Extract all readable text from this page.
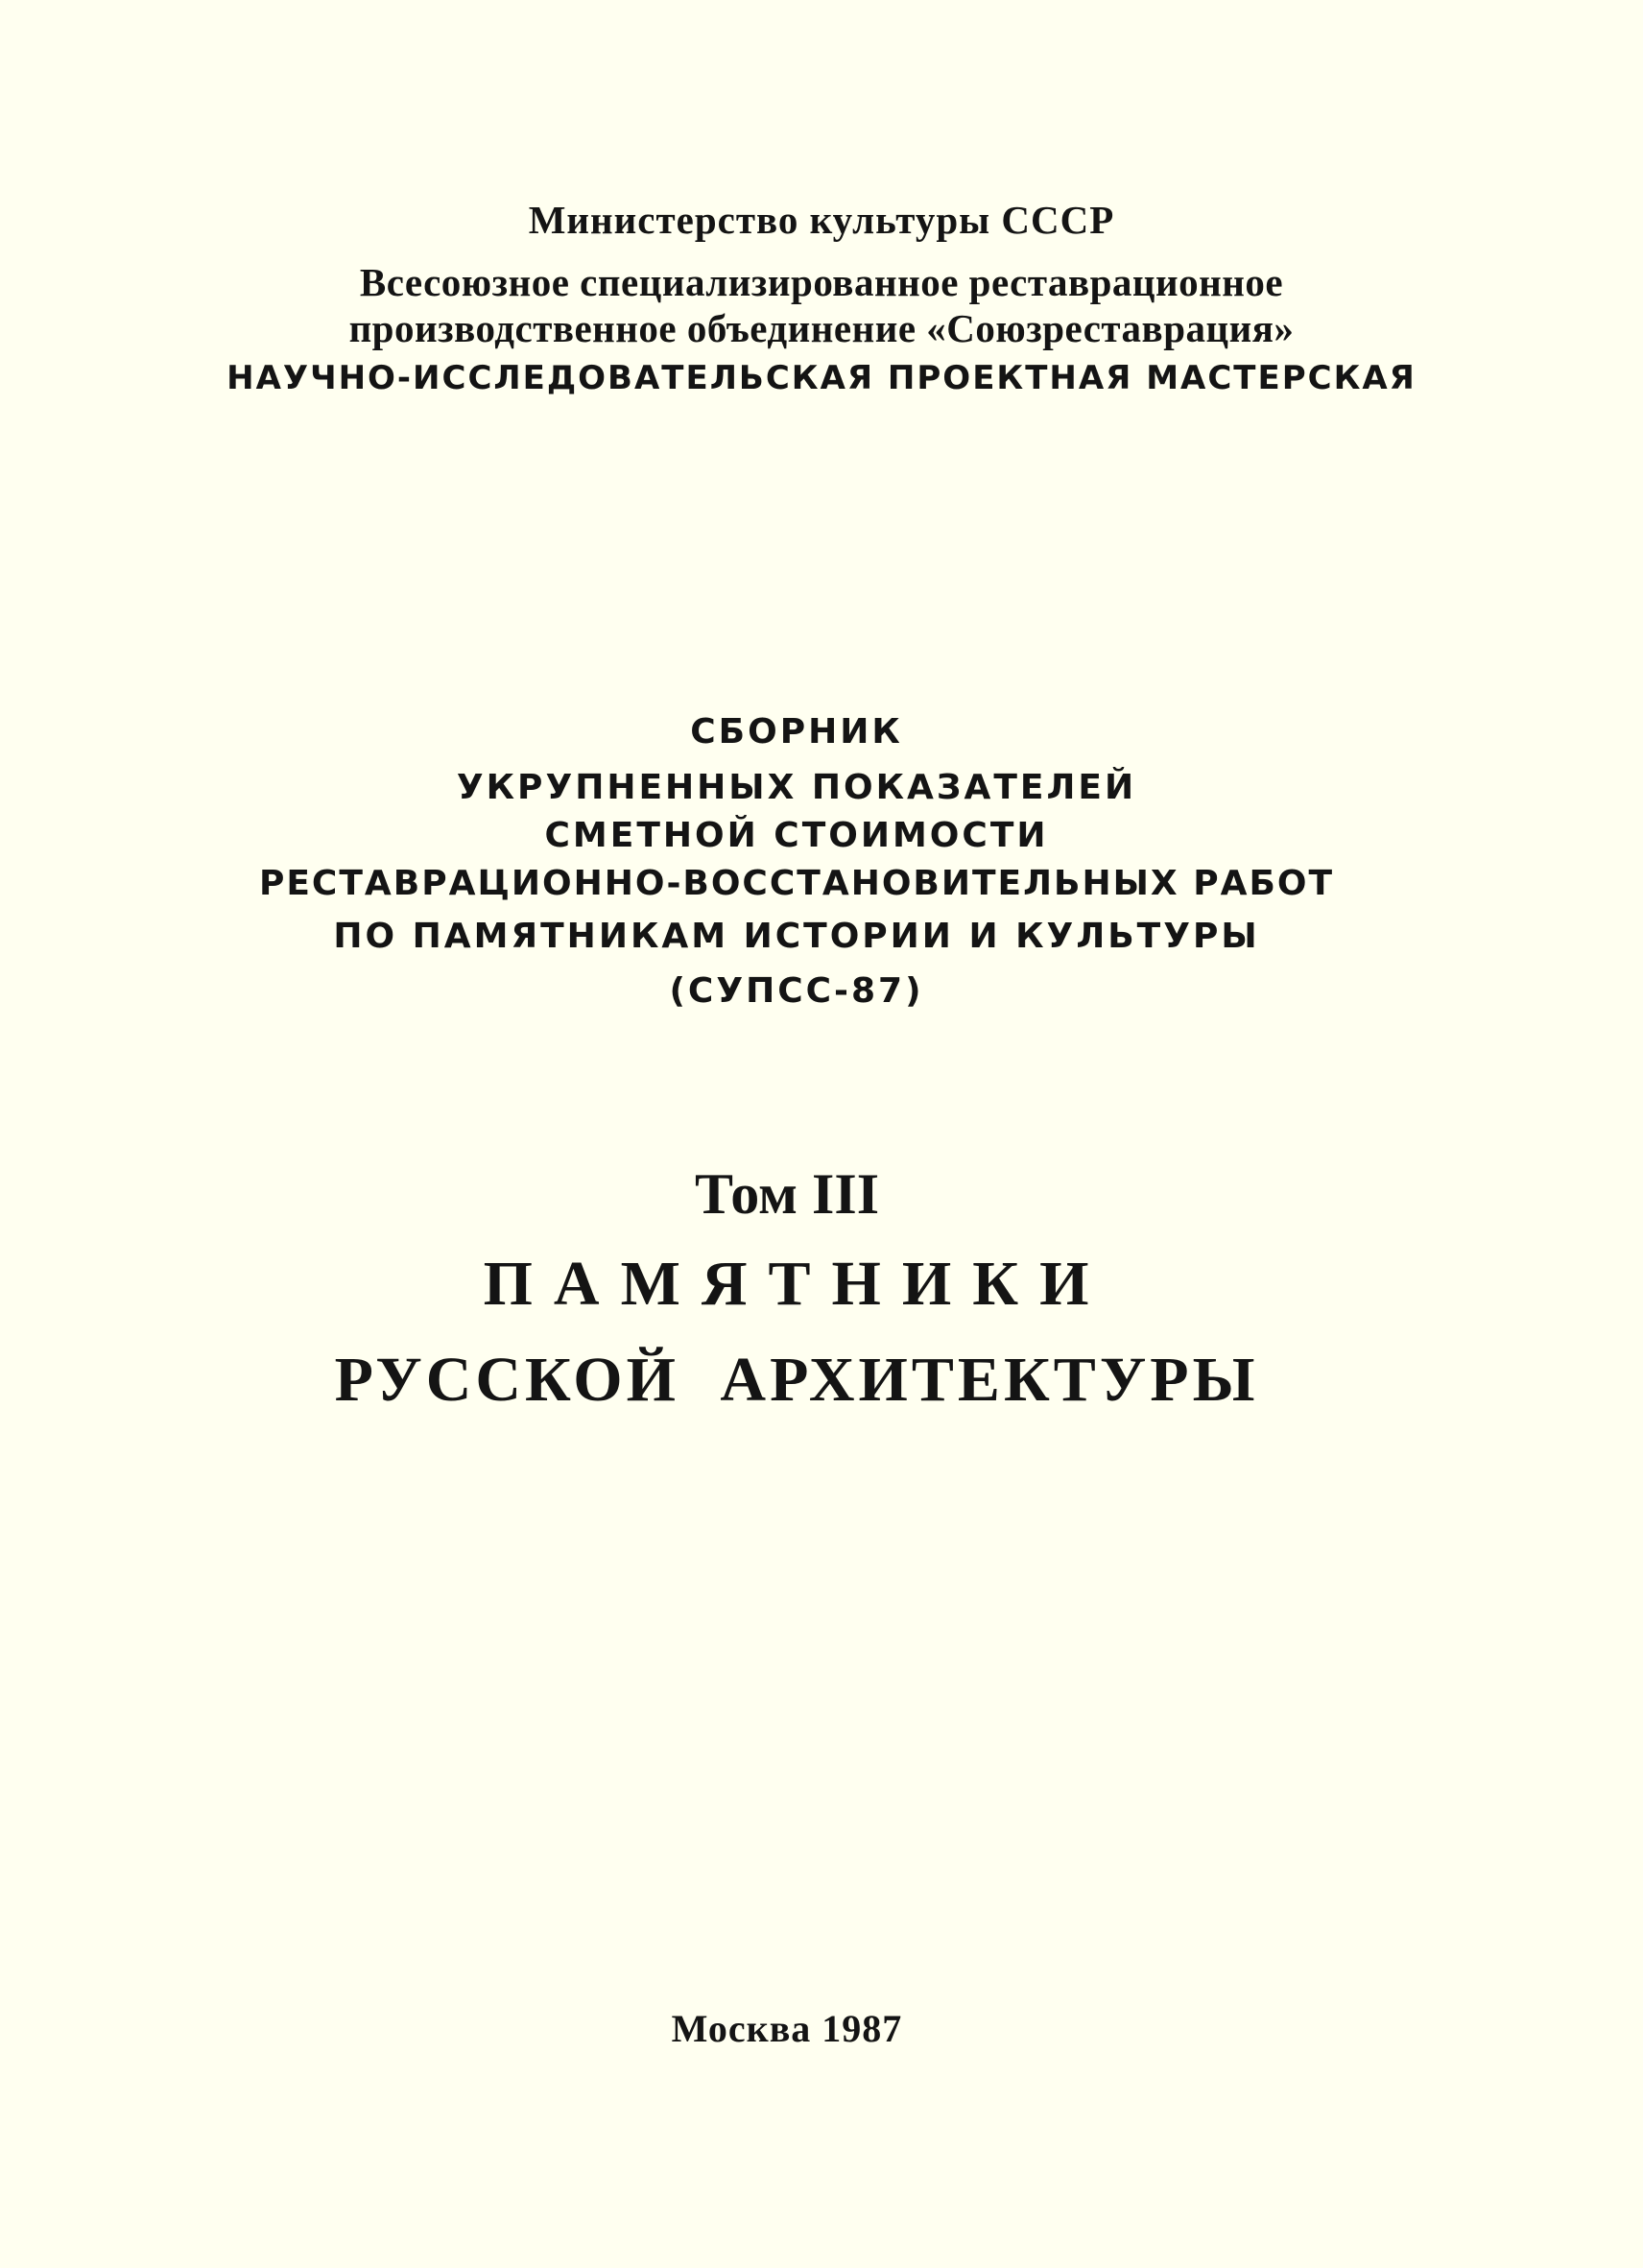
Министерство культуры СССР
Всесоюзное специализированное реставрационное
производственное объединение «Союзреставрация»
НАУЧНО-ИССЛЕДОВАТЕЛЬСКАЯ ПРОЕКТНАЯ МАСТЕРСКАЯ
СБОРНИК
УКРУПНЕННЫХ ПОКАЗАТЕЛЕЙ
СМЕТНОЙ СТОИМОСТИ
РЕСТАВРАЦИОННО-ВОССТАНОВИТЕЛЬНЫХ РАБОТ
ПО ПАМЯТНИКАМ ИСТОРИИ И КУЛЬТУРЫ
(СУПСС-87)
Том III
ПАМЯТНИКИ
РУССКОЙ АРХИТЕКТУРЫ
Москва 1987
